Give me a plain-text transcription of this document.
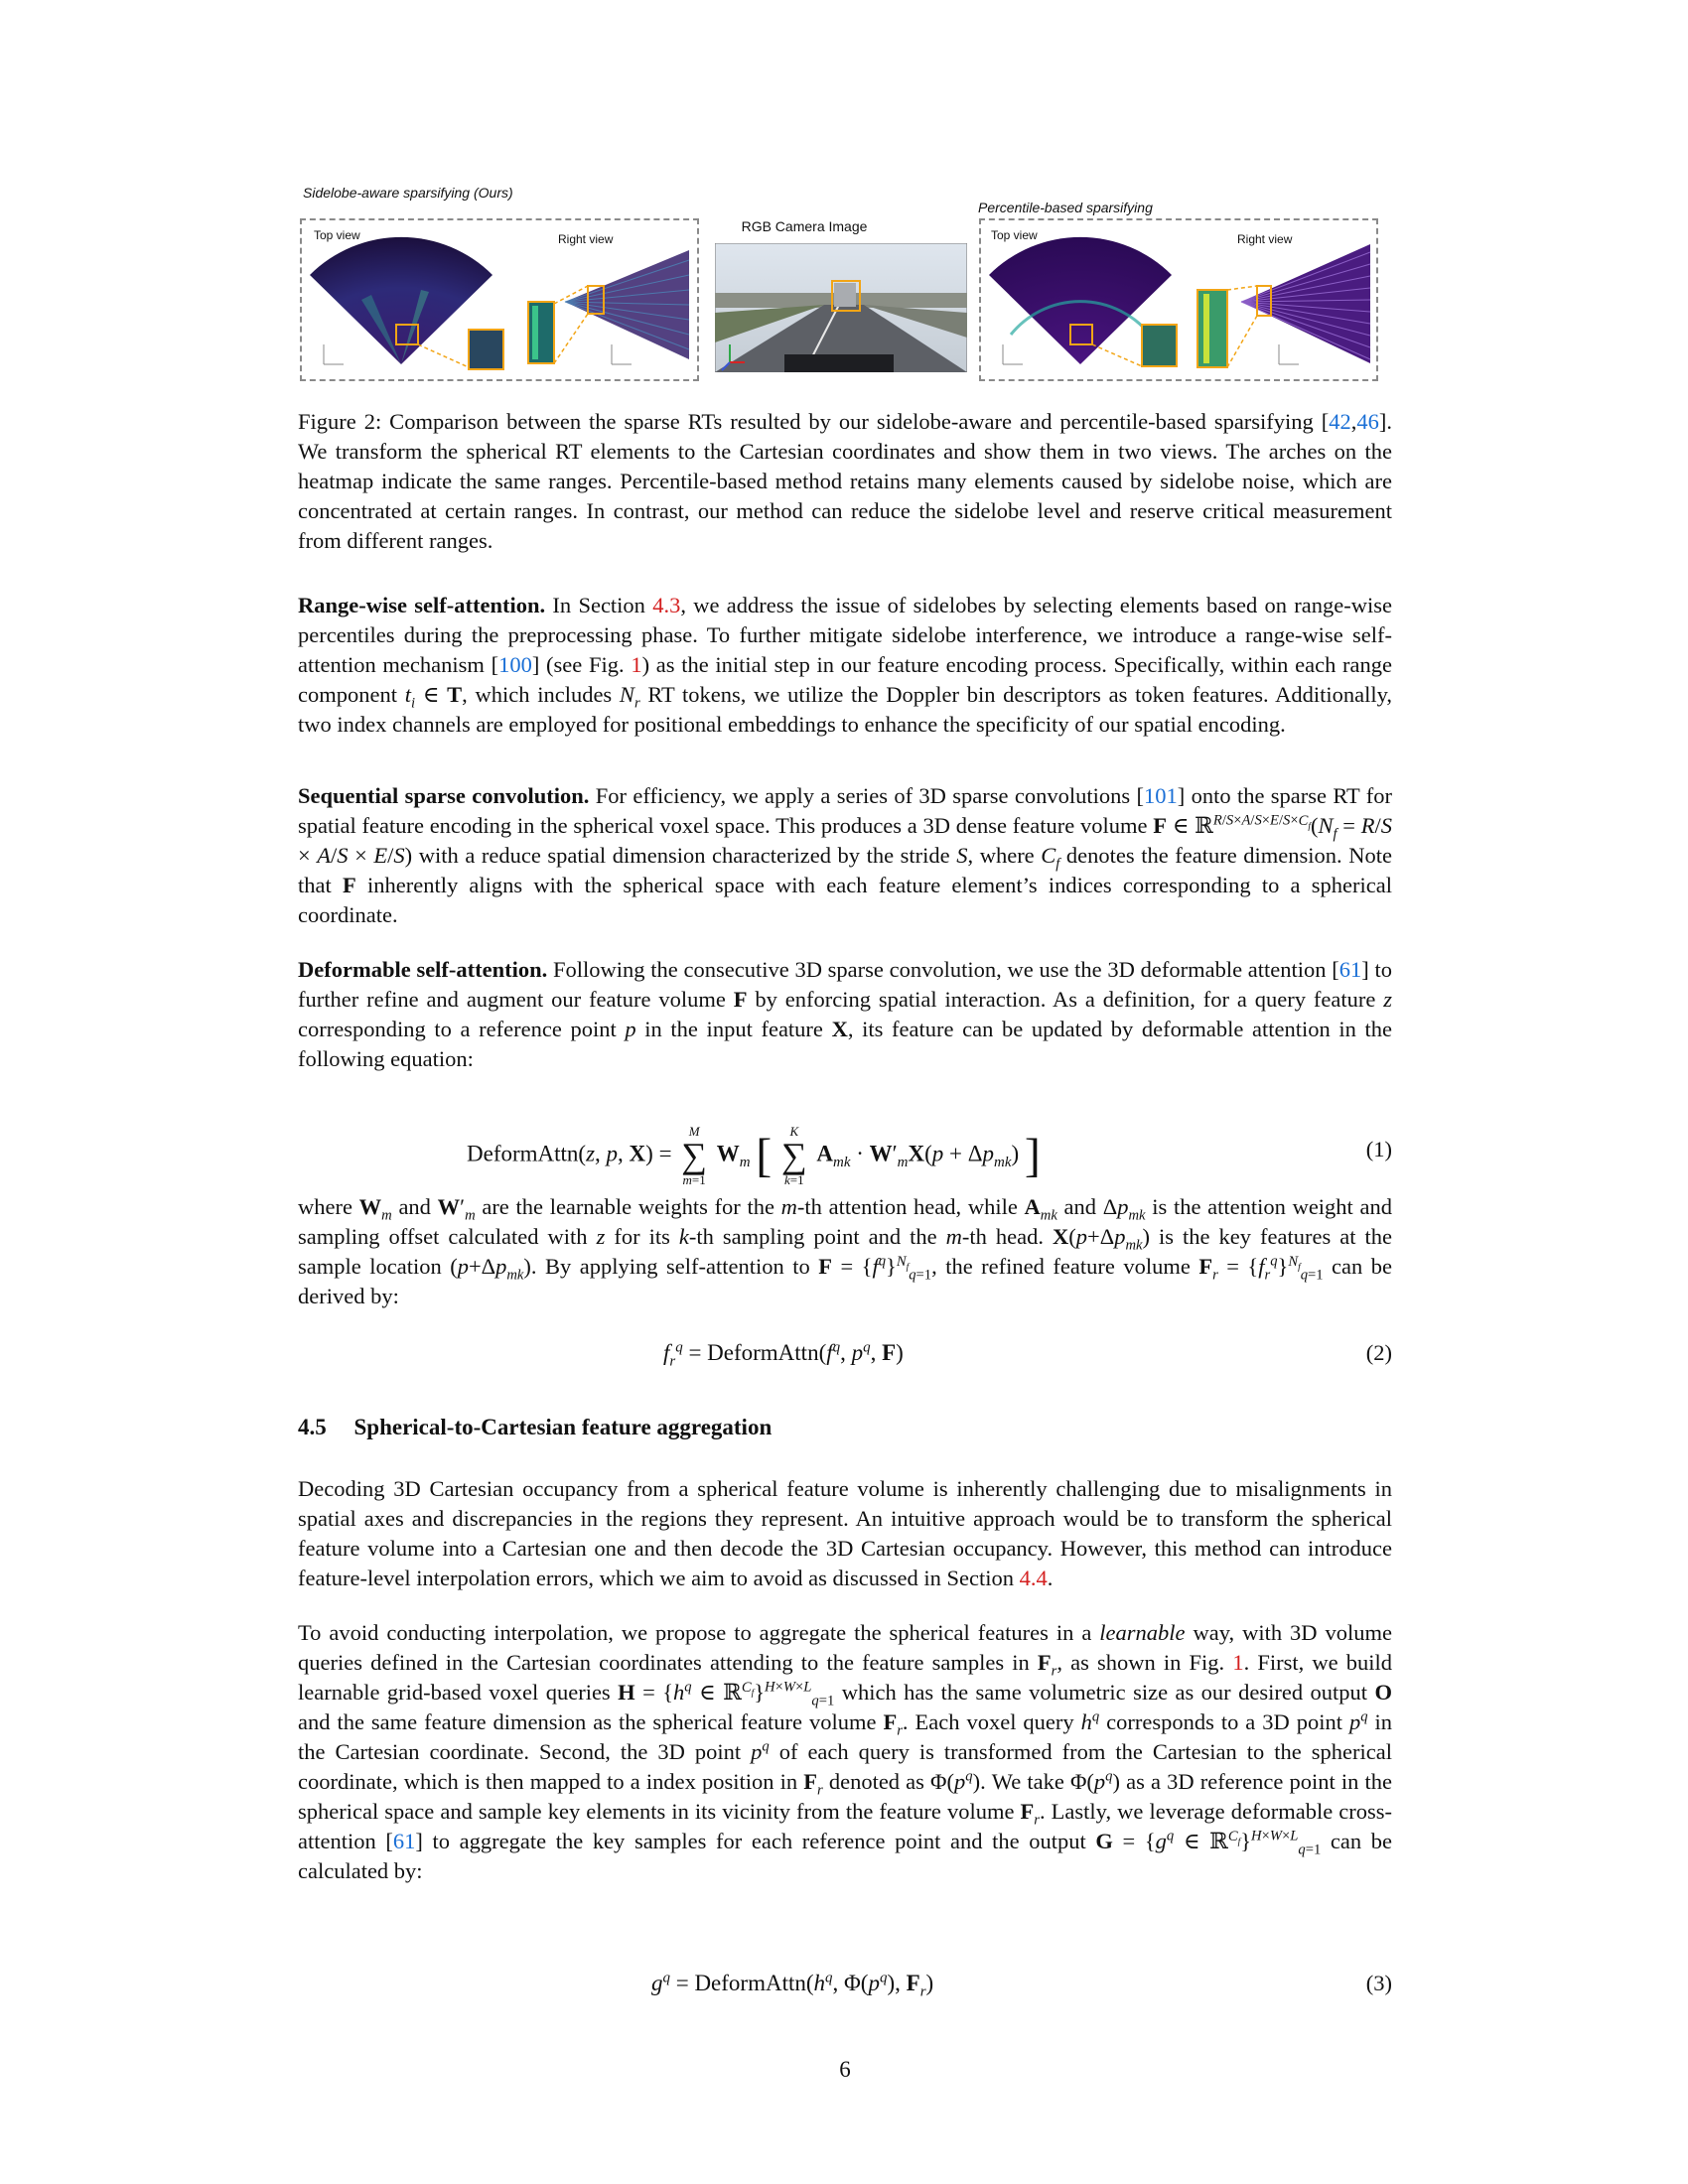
Sidelobe-aware sparsifying (Ours)
Percentile-based sparsifying
Top view	Right view
RGB Camera Image
Top view	Right view
Figure 2: Comparison between the sparse RTs resulted by our sidelobe-aware and percentile-based sparsifying [42,46]. We transform the spherical RT elements to the Cartesian coordinates and show them in two views. The arches on the heatmap indicate the same ranges. Percentile-based method retains many elements caused by sidelobe noise, which are concentrated at certain ranges. In contrast, our method can reduce the sidelobe level and reserve critical measurement from different ranges.
Range-wise self-attention. In Section 4.3, we address the issue of sidelobes by selecting elements based on range-wise percentiles during the preprocessing phase. To further mitigate sidelobe interference, we introduce a range-wise self-attention mechanism [100] (see Fig. 1) as the initial step in our feature encoding process. Specifically, within each range component $t_i$ ∈ T, which includes $N_r$ RT tokens, we utilize the Doppler bin descriptors as token features. Additionally, two index channels are employed for positional embeddings to enhance the specificity of our spatial encoding.
Sequential sparse convolution. For efficiency, we apply a series of 3D sparse convolutions [101] onto the sparse RT for spatial feature encoding in the spherical voxel space. This produces a 3D dense feature volume F ∈ $ℝ^{R/S\times A/S\times E/S\times C_f}(N_f = R/S \times A/S \times E/S)$ with a reduce spatial dimension characterized by the stride S, where $C_f$ denotes the feature dimension. Note that F inherently aligns with the spherical space with each feature element’s indices corresponding to a spherical coordinate.
Deformable self-attention. Following the consecutive 3D sparse convolution, we use the 3D deformable attention [61] to further refine and augment our feature volume F by enforcing spatial interaction. As a definition, for a query feature z corresponding to a reference point p in the input feature X, its feature can be updated by deformable attention in the following equation:
DeformAttn(z, p, X) =
M
∑
m=1
$W_m$ [	K
∑
k=1
$A_{mk} \cdot W'_mX(p + \Delta p_{mk})$ ]	(1)
where $W_m$ and $W'_m$ are the learnable weights for the m-th attention head, while $A_{mk}$ and $\Delta p_{mk}$ is the attention weight and sampling offset calculated with z for its k-th sampling point and the m-th head. $X(p+\Delta p_{mk})$ is the key features at the sample location $(p+\Delta p_{mk})$. By applying self-attention to $F = \{f^q\}^{N_f}_{q=1}$, the refined feature volume $F_r = \{f_r^q\}^{N_f}_{q=1}$ can be derived by:
$f_r^q$ = $DeformAttn(f^q$, $p^q$, F)	(2)
4.5 Spherical-to-Cartesian feature aggregation
Decoding 3D Cartesian occupancy from a spherical feature volume is inherently challenging due to misalignments in spatial axes and discrepancies in the regions they represent. An intuitive approach would be to transform the spherical feature volume into a Cartesian one and then decode the 3D Cartesian occupancy. However, this method can introduce feature-level interpolation errors, which we aim to avoid as discussed in Section 4.4.
To avoid conducting interpolation, we propose to aggregate the spherical features in a learnable way, with 3D volume queries defined in the Cartesian coordinates attending to the feature samples in $F_r$, as shown in Fig. 1. First, we build learnable grid-based voxel queries $H = \{h^q$ ∈ ℝ$^{C_f}$}$^{H\times W\times L}_{q=1}$ which has the same volumetric size as our desired output O and the same feature dimension as the spherical feature volume $F_r$. Each voxel query $h^q$ corresponds to a 3D point $p^q$ in the Cartesian coordinate. Second, the 3D point $p^q$ of each query is transformed from the Cartesian to the spherical coordinate, which is then mapped to a index position in $F_r$ denoted as $\Phi(p^q)$. We take $\Phi(p^q)$ as a 3D reference point in the spherical space and sample key elements in its vicinity from the feature volume $F_r$. Lastly, we leverage deformable cross-attention [61] to aggregate the key samples for each reference point and the output $G = \{g^q$ ∈ ℝ$^{C_f}$}$^{H\times W\times L}_{q=1}$ can be calculated by:
$g^q$ = $DeformAttn(h^q$, $\Phi(p^q)$, $F_r$)	(3)
6
